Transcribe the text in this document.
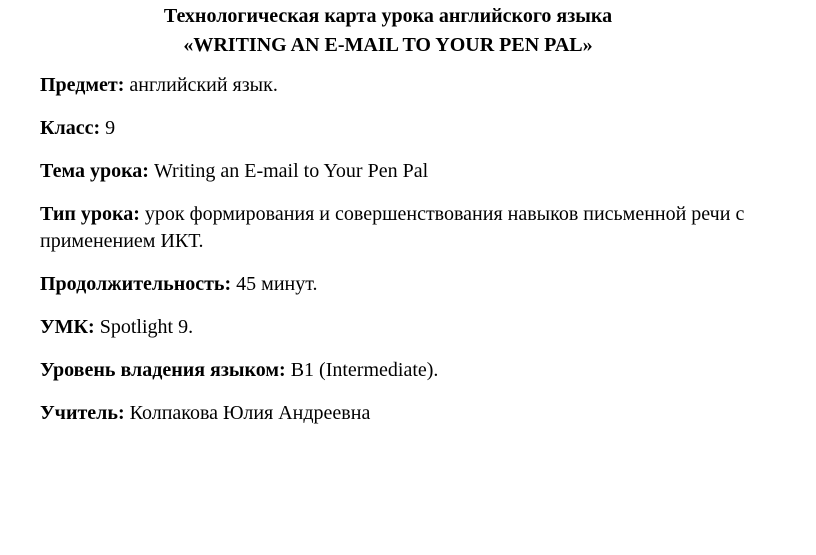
Технологическая карта урока английского языка
«WRITING AN E-MAIL TO YOUR PEN PAL»

Предмет: английский язык.

Класс: 9

Тема урока: Writing an E-mail to Your Pen Pal

Тип урока: урок формирования и совершенствования навыков письменной речи с применением ИКТ.

Продолжительность: 45 минут.

УМК: Spotlight 9.

Уровень владения языком: B1 (Intermediate).

Учитель: Колпакова Юлия Андреевна
